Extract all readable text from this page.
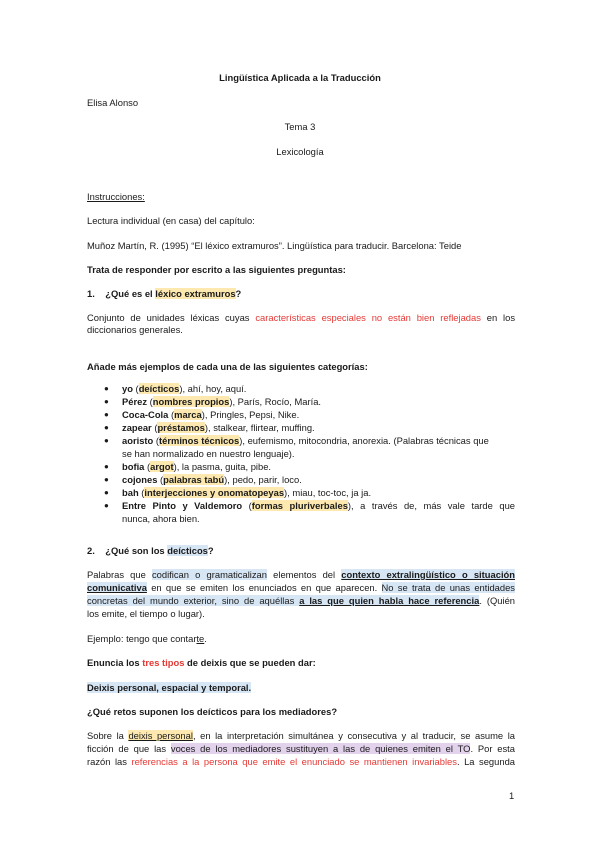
Lingüística Aplicada a la Traducción
Elisa Alonso
Tema 3
Lexicología
Instrucciones:
Lectura individual (en casa) del capítulo:
Muñoz Martín, R. (1995) “El léxico extramuros”. Lingüística para traducir. Barcelona: Teide
Trata de responder por escrito a las siguientes preguntas:
1. ¿Qué es el léxico extramuros?
Conjunto de unidades léxicas cuyas características especiales no están bien reflejadas en los
diccionarios generales.
Añade más ejemplos de cada una de las siguientes categorías:
● yo (deícticos), ahí, hoy, aquí.
● Pérez (nombres propios), París, Rocío, María.
● Coca-Cola (marca), Pringles, Pepsi, Nike.
● zapear (préstamos), stalkear, flirtear, muffing.
● aoristo (términos técnicos), eufemismo, mitocondria, anorexia. (Palabras técnicas que
se han normalizado en nuestro lenguaje).
● bofia (argot), la pasma, guita, pibe.
● cojones (palabras tabú), pedo, parir, loco.
● bah (interjecciones y onomatopeyas), miau, toc-toc, ja ja.
● Entre Pinto y Valdemoro (formas pluriverbales), a través de, más vale tarde que
nunca, ahora bien.
2. ¿Qué son los deícticos?
Palabras que codifican o gramaticalizan elementos del contexto extralingüístico o situación
comunicativa en que se emiten los enunciados en que aparecen. No se trata de unas entidades
concretas del mundo exterior, sino de aquéllas a las que quien habla hace referencia. (Quién
los emite, el tiempo o lugar).
Ejemplo: tengo que contarte.
Enuncia los tres tipos de deixis que se pueden dar:
Deixis personal, espacial y temporal.
¿Qué retos suponen los deícticos para los mediadores?
Sobre la deixis personal, en la interpretación simultánea y consecutiva y al traducir, se asume la
ficción de que las voces de los mediadores sustituyen a las de quienes emiten el TO. Por esta
razón las referencias a la persona que emite el enunciado se mantienen invariables. La segunda
1
